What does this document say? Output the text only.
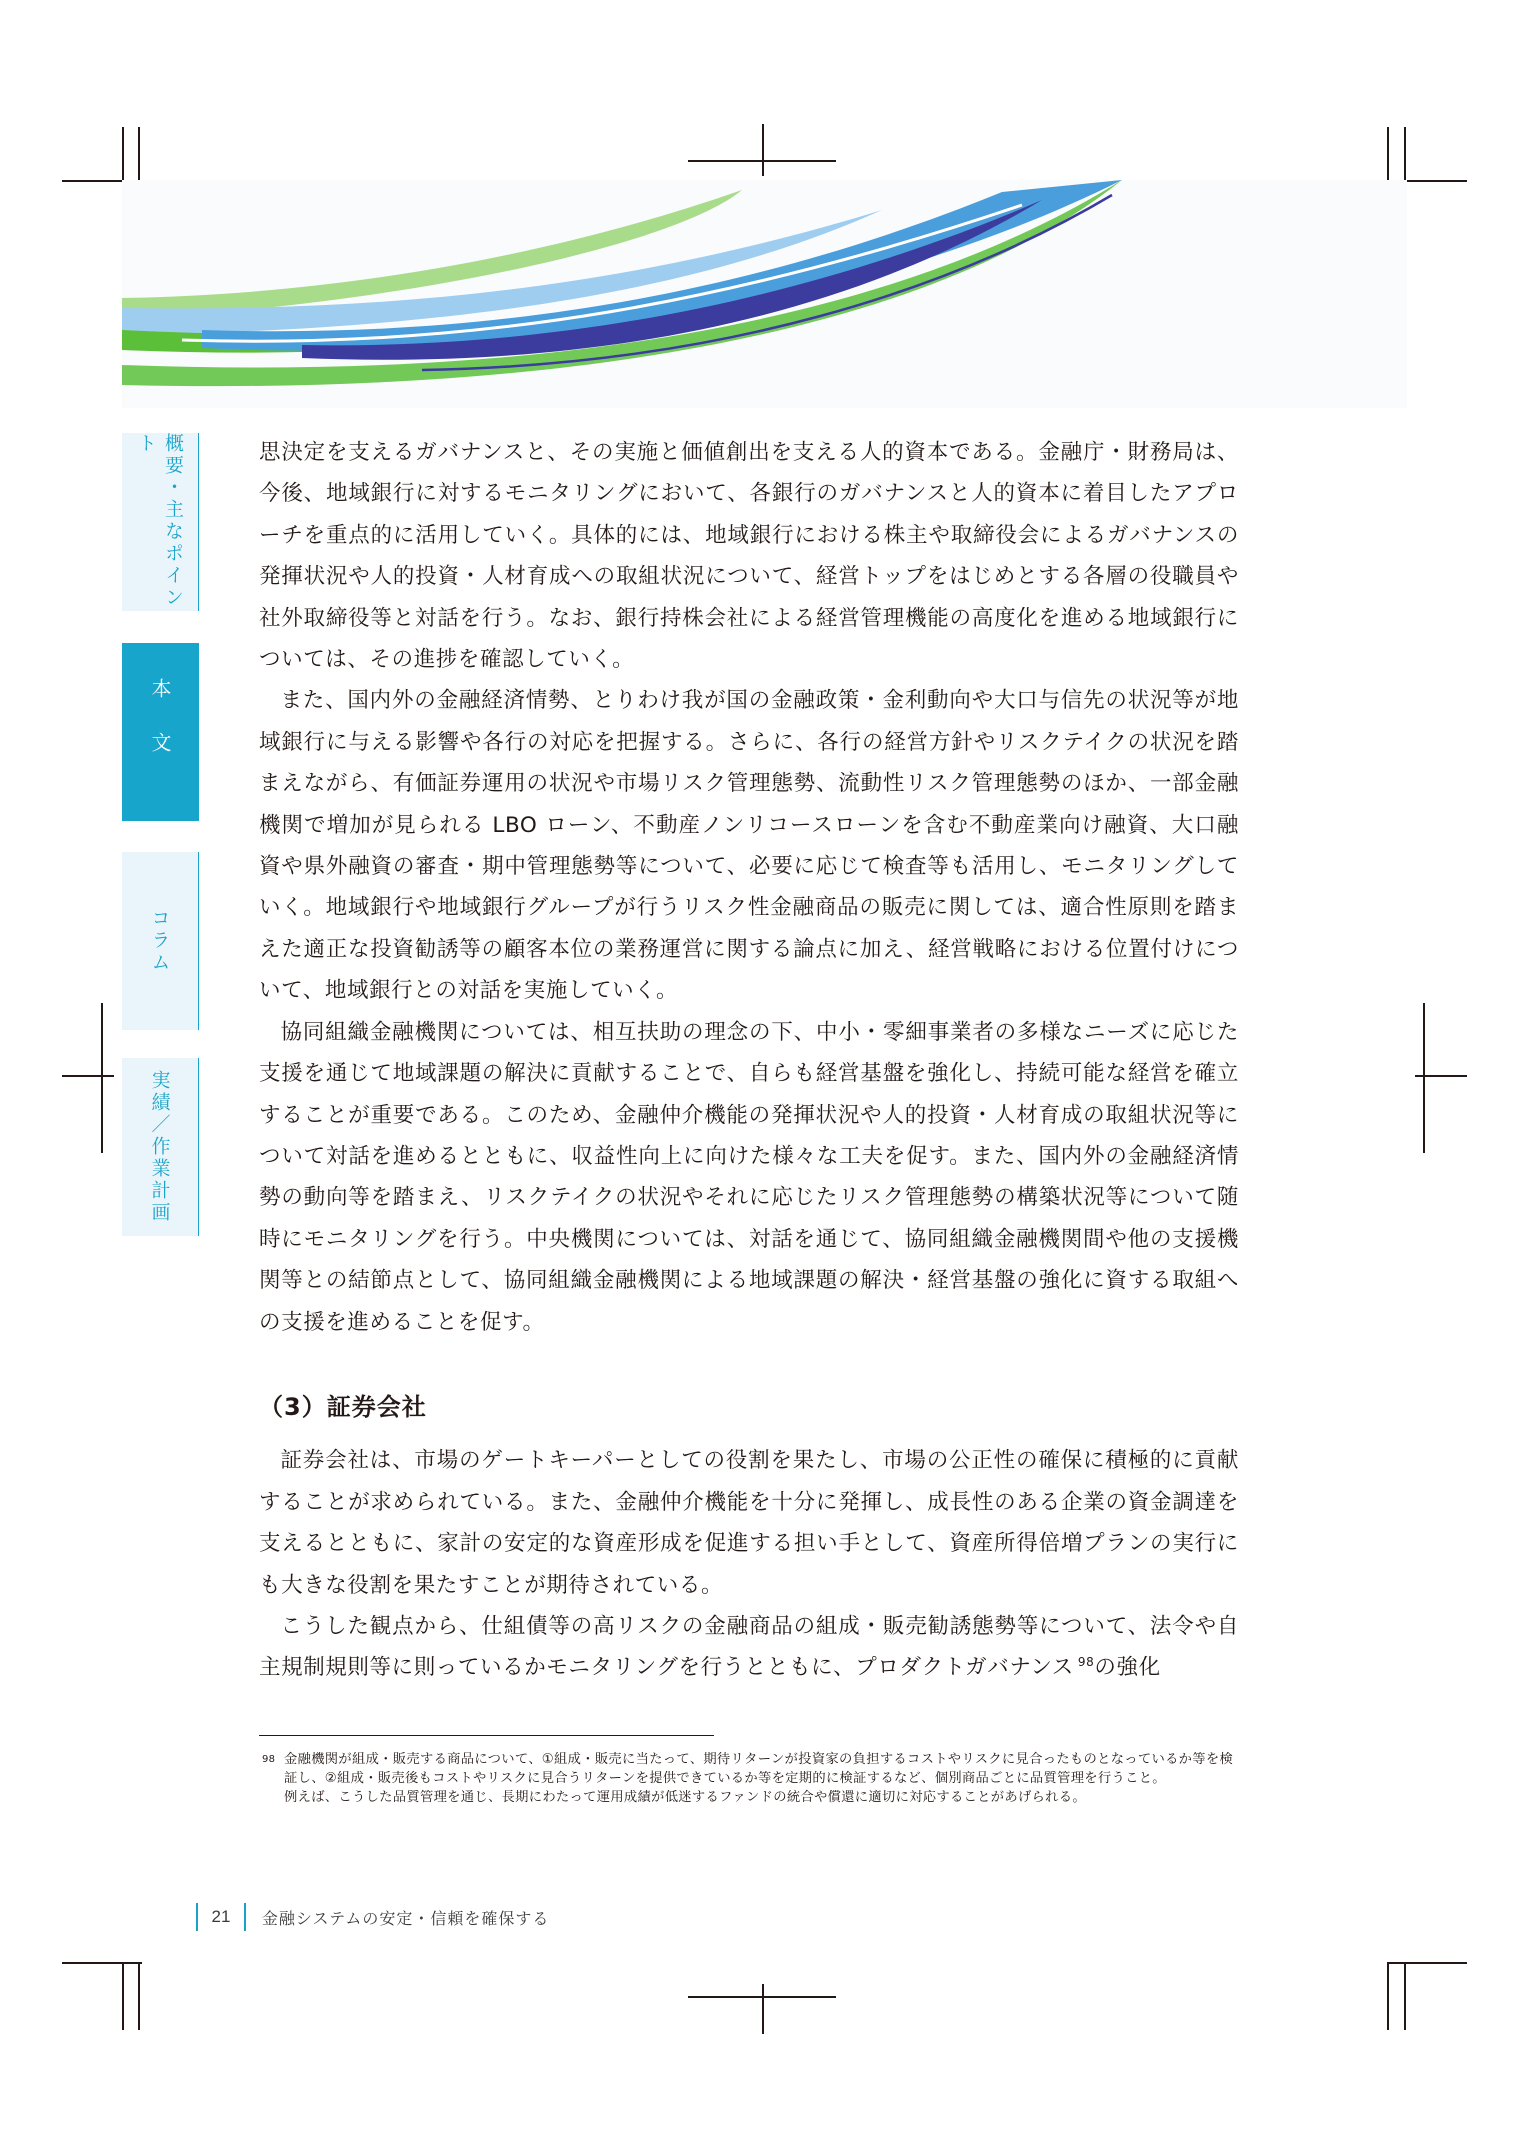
概要・主なポイント
本文
コラム
実績／作業計画

思決定を支えるガバナンスと、その実施と価値創出を支える人的資本である。金融庁・財務局は、今後、地域銀行に対するモニタリングにおいて、各銀行のガバナンスと人的資本に着目したアプローチを重点的に活用していく。具体的には、地域銀行における株主や取締役会によるガバナンスの発揮状況や人的投資・人材育成への取組状況について、経営トップをはじめとする各層の役職員や社外取締役等と対話を行う。なお、銀行持株会社による経営管理機能の高度化を進める地域銀行については、その進捗を確認していく。

また、国内外の金融経済情勢、とりわけ我が国の金融政策・金利動向や大口与信先の状況等が地域銀行に与える影響や各行の対応を把握する。さらに、各行の経営方針やリスクテイクの状況を踏まえながら、有価証券運用の状況や市場リスク管理態勢、流動性リスク管理態勢のほか、一部金融機関で増加が見られる LBO ローン、不動産ノンリコースローンを含む不動産業向け融資、大口融資や県外融資の審査・期中管理態勢等について、必要に応じて検査等も活用し、モニタリングしていく。地域銀行や地域銀行グループが行うリスク性金融商品の販売に関しては、適合性原則を踏まえた適正な投資勧誘等の顧客本位の業務運営に関する論点に加え、経営戦略における位置付けについて、地域銀行との対話を実施していく。

協同組織金融機関については、相互扶助の理念の下、中小・零細事業者の多様なニーズに応じた支援を通じて地域課題の解決に貢献することで、自らも経営基盤を強化し、持続可能な経営を確立することが重要である。このため、金融仲介機能の発揮状況や人的投資・人材育成の取組状況等について対話を進めるとともに、収益性向上に向けた様々な工夫を促す。また、国内外の金融経済情勢の動向等を踏まえ、リスクテイクの状況やそれに応じたリスク管理態勢の構築状況等について随時にモニタリングを行う。中央機関については、対話を通じて、協同組織金融機関間や他の支援機関等との結節点として、協同組織金融機関による地域課題の解決・経営基盤の強化に資する取組への支援を進めることを促す。

（3）証券会社

証券会社は、市場のゲートキーパーとしての役割を果たし、市場の公正性の確保に積極的に貢献することが求められている。また、金融仲介機能を十分に発揮し、成長性のある企業の資金調達を支えるとともに、家計の安定的な資産形成を促進する担い手として、資産所得倍増プランの実行にも大きな役割を果たすことが期待されている。

こうした観点から、仕組債等の高リスクの金融商品の組成・販売勧誘態勢等について、法令や自主規制規則等に則っているかモニタリングを行うとともに、プロダクトガバナンス $^{98}$の強化

98 金融機関が組成・販売する商品について、①組成・販売に当たって、期待リターンが投資家の負担するコストやリスクに見合ったものとなっているか等を検証し、②組成・販売後もコストやリスクに見合うリターンを提供できているか等を定期的に検証するなど、個別商品ごとに品質管理を行うこと。

例えば、こうした品質管理を通じ、長期にわたって運用成績が低迷するファンドの統合や償還に適切に対応することがあげられる。

21 金融システムの安定・信頼を確保する
